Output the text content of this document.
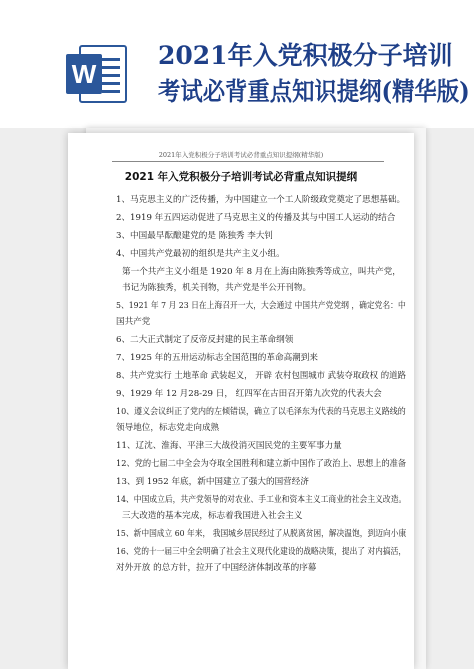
W
2021年入党积极分子培训
考试必背重点知识提纲(精华版)
2021年入党积极分子培训考试必背重点知识提纲(精华版)
2021 年入党积极分子培训考试必背重点知识提纲
1、马克思主义的广泛传播，为中国建立一个工人阶级政党奠定了思想基础。
2、1919 年五四运动促进了马克思主义的传播及其与中国工人运动的结合
3、中国最早酝酿建党的是 陈独秀 李大钊
4、中国共产党最初的组织是共产主义小组。
第一个共产主义小组是 1920 年 8 月在上海由陈独秀等成立，叫共产党，
书记为陈独秀，机关刊物，共产党是半公开刊物。
5、1921 年 7 月 23 日在上海召开一大，大会通过 中国共产党党纲 ，确定党名：中
国共产党
6、二大正式制定了反帝反封建的民主革命纲领
7、1925 年的五卅运动标志全国范围的革命高潮到来
8、共产党实行 土地革命 武装起义， 开辟 农村包围城市 武装夺取政权 的道路
9、1929 年 12 月28-29 日， 红四军在古田召开第九次党的代表大会
10、遵义会议纠正了党内的左倾错误，确立了以毛泽东为代表的马克思主义路线的
领导地位，标志党走向成熟
11、辽沈、淮海、平津三大战役消灭国民党的主要军事力量
12、党的七届二中全会为夺取全国胜利和建立新中国作了政治上、思想上的准备
13、到 1952 年底，新中国建立了强大的国营经济
14、中国成立后，共产党领导的对农业、手工业和资本主义工商业的社会主义改造。
三大改造的基本完成，标志着我国进入社会主义
15、新中国成立 60 年来， 我国城乡居民经过了从脱离贫困，解决温饱，到迈向小康
16、党的十一届三中全会明确了社会主义现代化建设的战略决策，提出了 对内搞活，
对外开放 的总方针，拉开了中国经济体制改革的序幕
